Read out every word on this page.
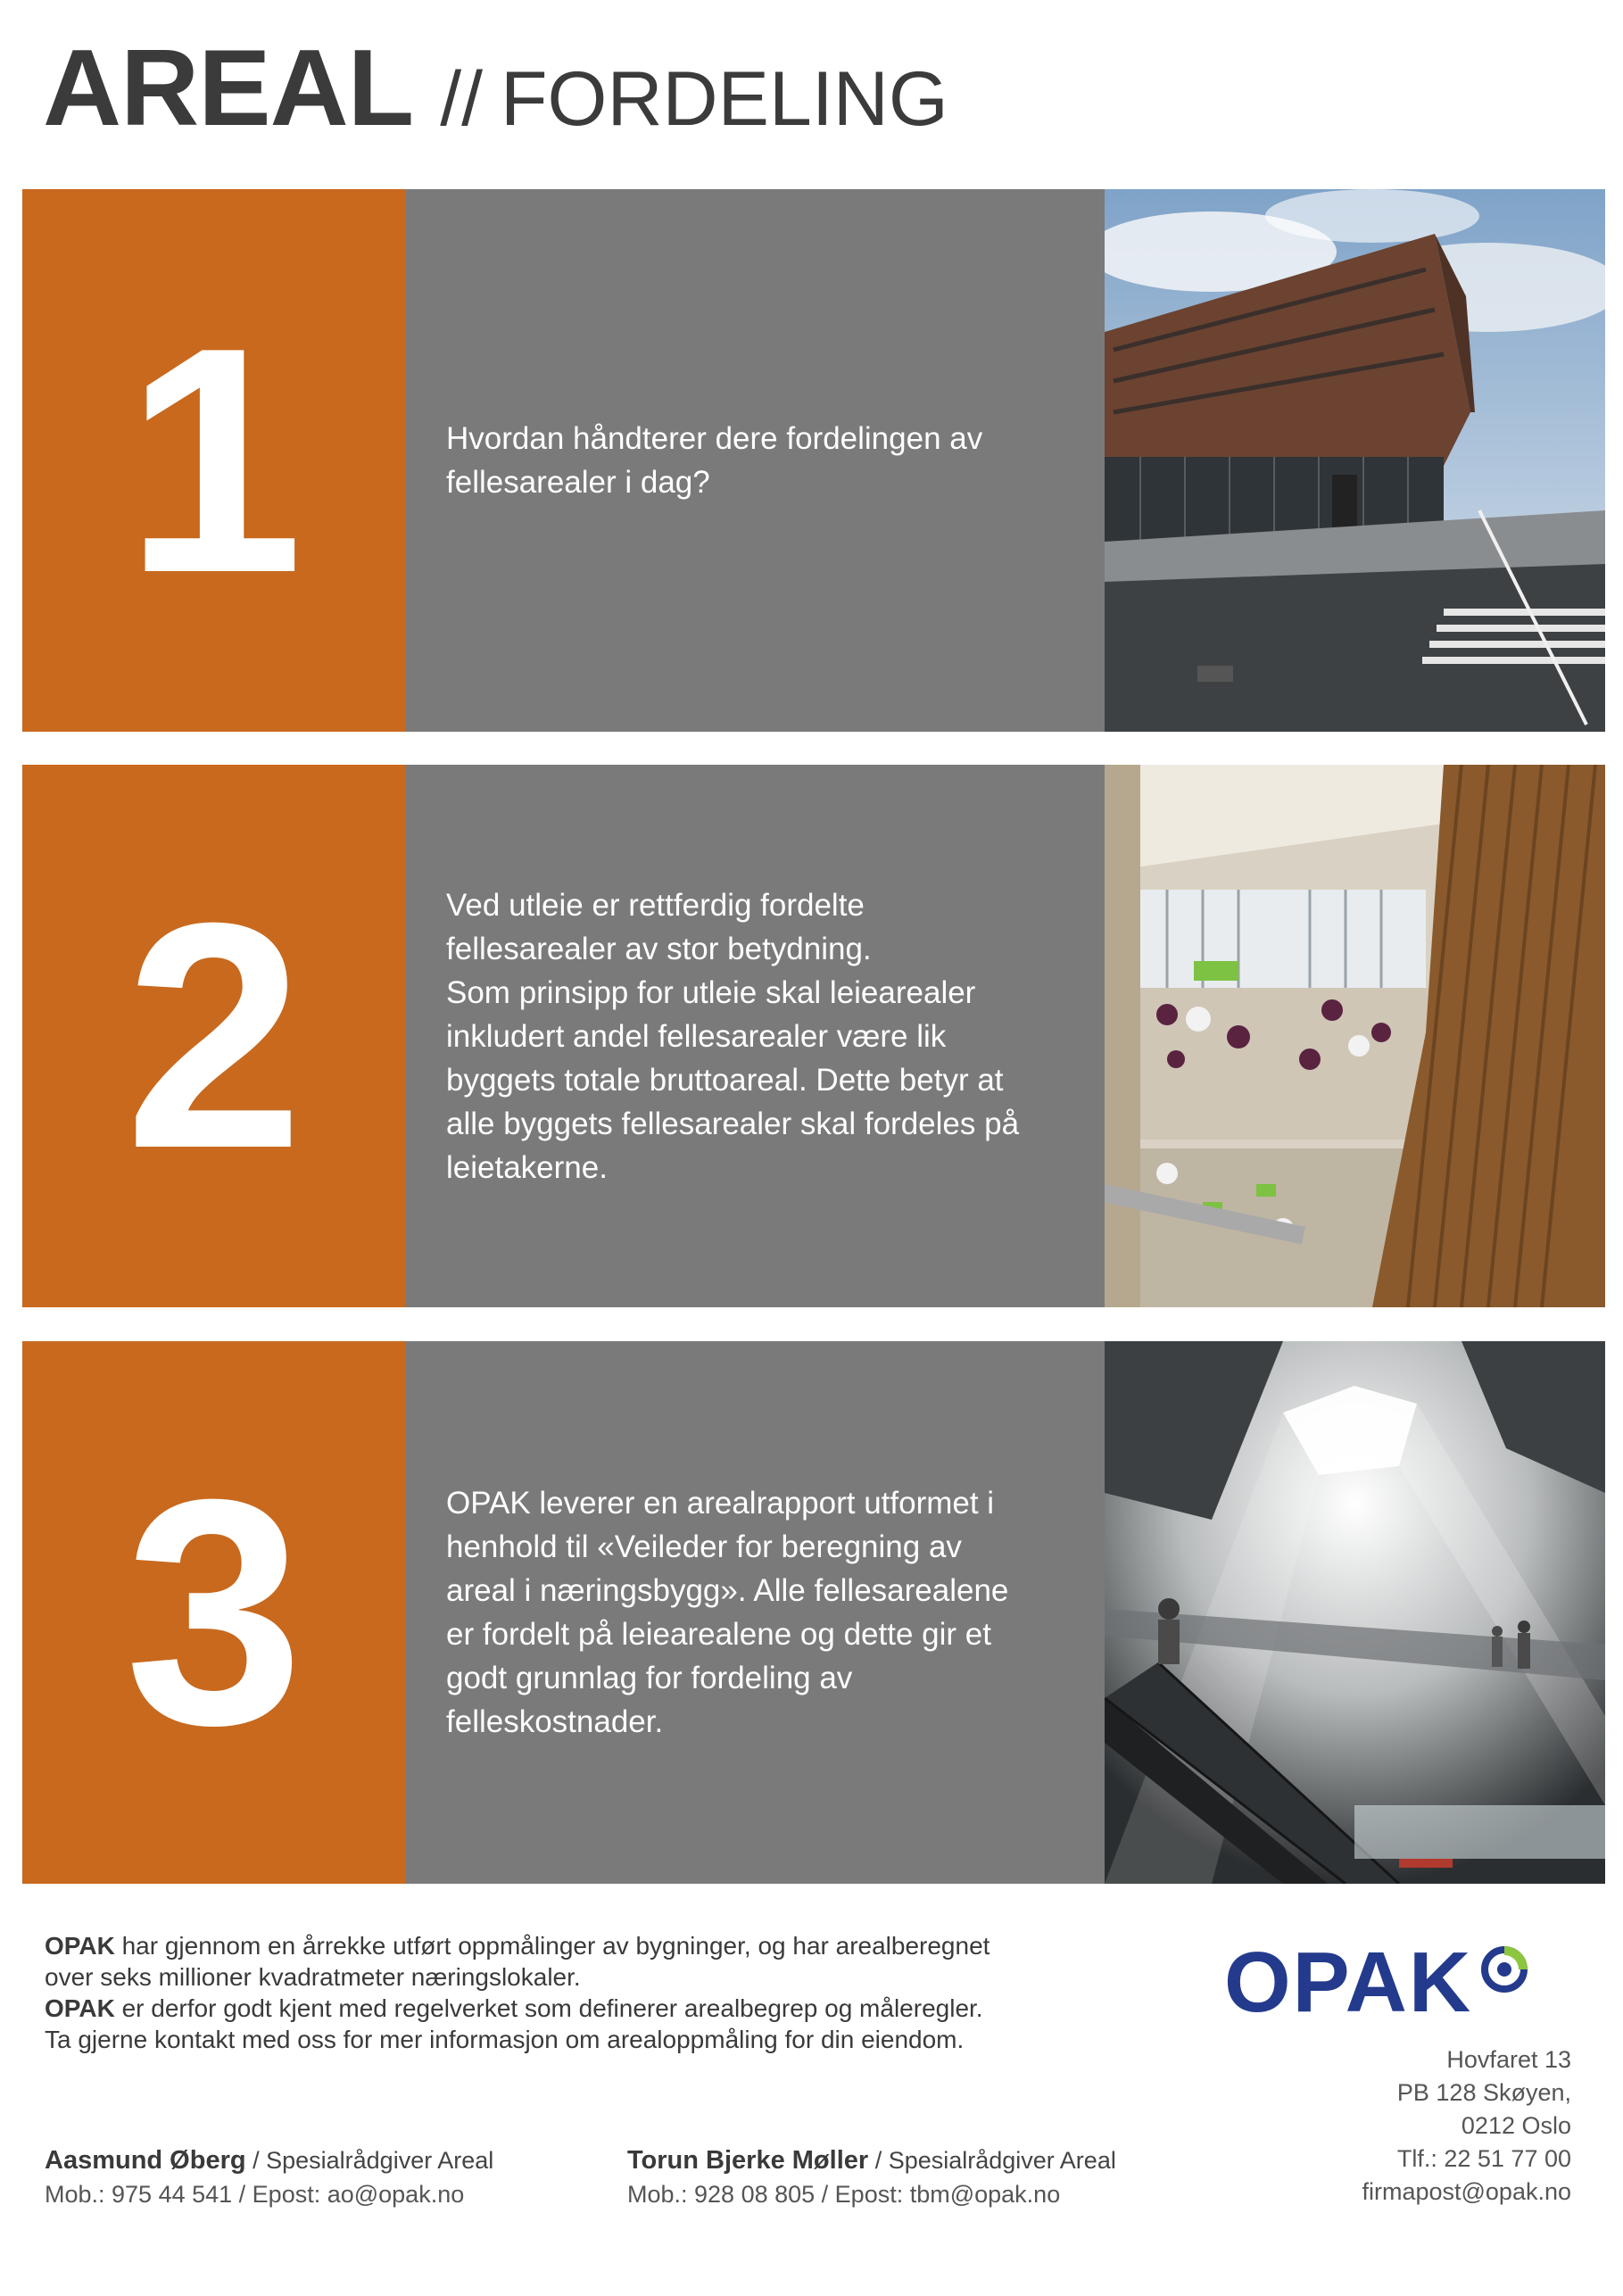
AREAL // FORDELING
1	Hvordan håndterer dere fordelingen av
fellesarealer i dag?
2	Ved utleie er rettferdig fordelte
fellesarealer av stor betydning.
Som prinsipp for utleie skal leiearealer
inkludert andel fellesarealer være lik
byggets totale bruttoareal. Dette betyr at
alle byggets fellesarealer skal fordeles på
leietakerne.
3	OPAK leverer en arealrapport utformet i
henhold til «Veileder for beregning av
areal i næringsbygg». Alle fellesarealene
er fordelt på leiearealene og dette gir et
godt grunnlag for fordeling av
felleskostnader.

OPAK har gjennom en årrekke utført oppmålinger av bygninger, og har arealberegnet

over seks millioner kvadratmeter næringslokaler.

OPAK er derfor godt kjent med regelverket som definerer arealbegrep og måleregler.

Ta gjerne kontakt med oss for mer informasjon om arealoppmåling for din eiendom.

OPAK
Hovfaret 13
PB 128 Skøyen,
0212 Oslo
Tlf.: 22 51 77 00
firmapost@opak.no
Aasmund Øberg / Spesialrådgiver Areal
Mob.: 975 44 541 / Epost: ao@opak.no
Torun Bjerke Møller / Spesialrådgiver Areal
Mob.: 928 08 805 / Epost: tbm@opak.no
